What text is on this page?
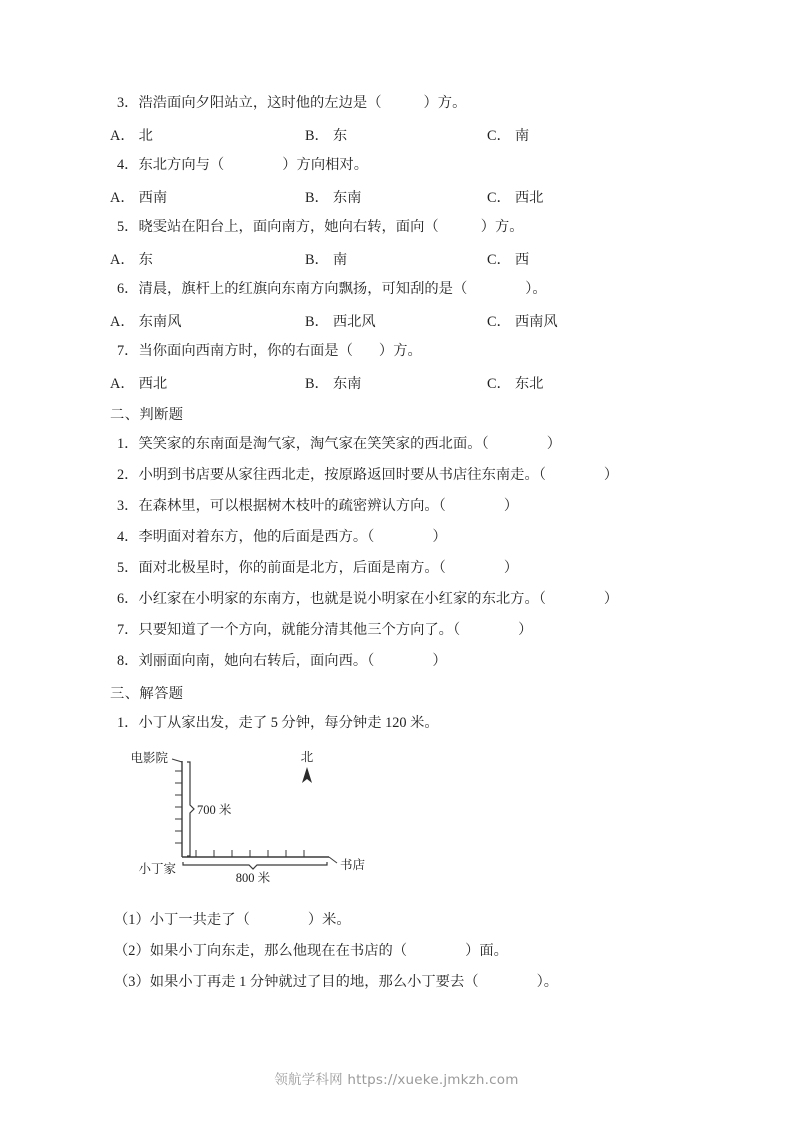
3． 浩浩面向夕阳站立，这时他的左边是（	）方。
A． 北	B． 东	C． 南
4． 东北方向与（	）方向相对。
A． 西南	B． 东南	C． 西北
5． 晓雯站在阳台上，面向南方，她向右转，面向（	）方。
A． 东	B． 南	C． 西
6． 清晨，旗杆上的红旗向东南方向飘扬，可知刮的是（	）。
A． 东南风	B． 西北风	C． 西南风
7． 当你面向西南方时，你的右面是（ ）方。
A． 西北	B． 东南	C． 东北
二、判断题
1． 笑笑家的东南面是淘气家，淘气家在笑笑家的西北面。（	）
2． 小明到书店要从家往西北走，按原路返回时要从书店往东南走。（	）
3． 在森林里，可以根据树木枝叶的疏密辨认方向。（	）
4． 李明面对着东方，他的后面是西方。（	）
5． 面对北极星时，你的前面是北方，后面是南方。（	）
6． 小红家在小明家的东南方，也就是说小明家在小红家的东北方。（	）
7． 只要知道了一个方向，就能分清其他三个方向了。（	）
8． 刘丽面向南，她向右转后，面向西。（	）
三、解答题
1． 小丁从家出发，走了 5 分钟，每分钟走 120 米。
电影院
小丁家	书店
700 米
800 米
北
（1） 小丁一共走了（	）米。
（2） 如果小丁向东走，那么他现在在书店的（	）面。
（3） 如果小丁再走 1 分钟就过了目的地，那么小丁要去（	）。
领航学科网 https://xueke.jmkzh.com
